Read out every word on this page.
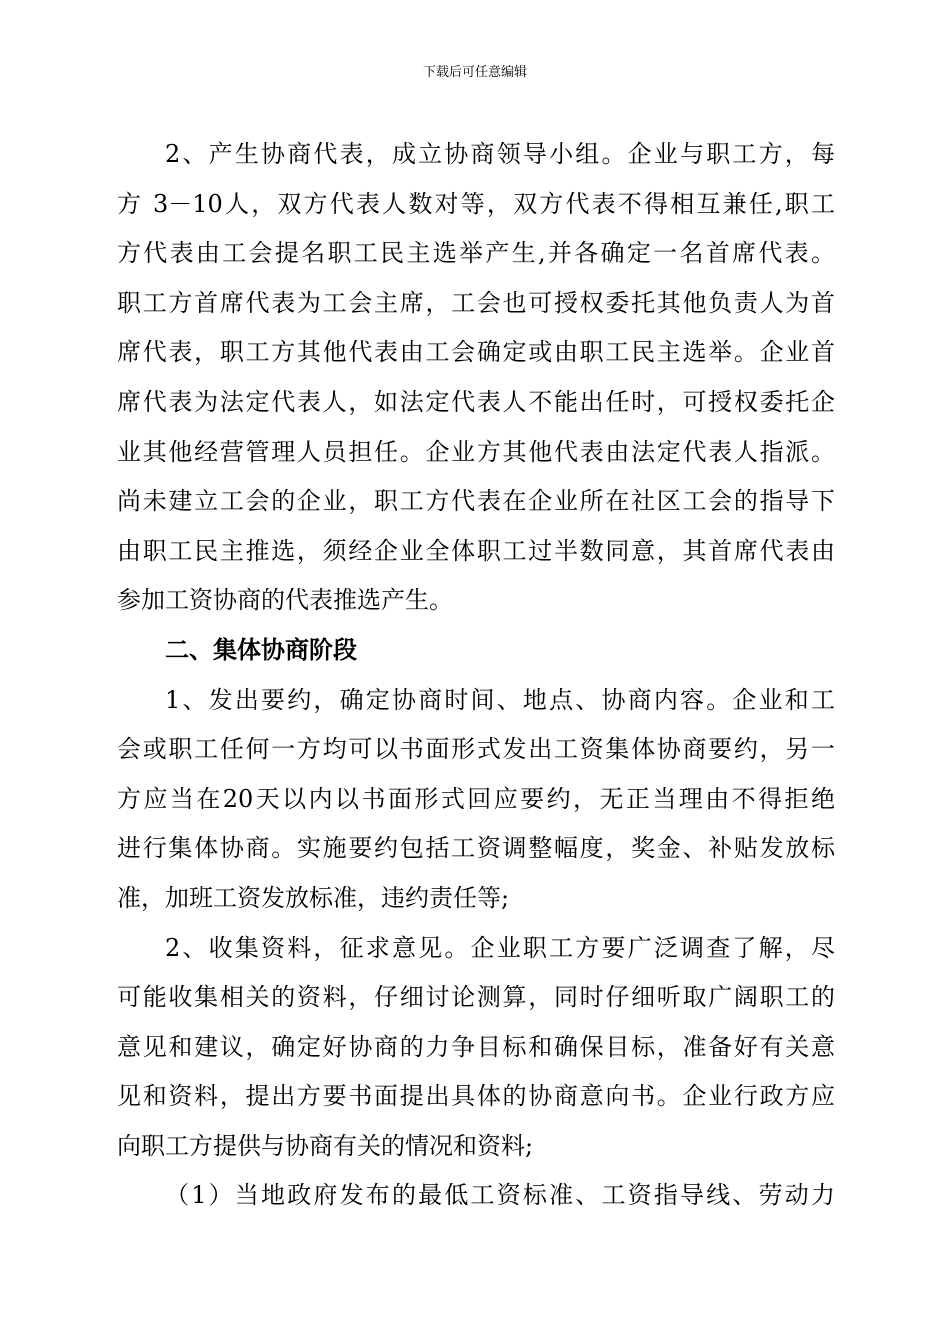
下载后可任意编辑
2、产生协商代表，成立协商领导小组。企业与职工方，每
方 3－10人，双方代表人数对等，双方代表不得相互兼任,职工
方代表由工会提名职工民主选举产生,并各确定一名首席代表。
职工方首席代表为工会主席，工会也可授权委托其他负责人为首
席代表，职工方其他代表由工会确定或由职工民主选举。企业首
席代表为法定代表人，如法定代表人不能出任时，可授权委托企
业其他经营管理人员担任。企业方其他代表由法定代表人指派。
尚未建立工会的企业，职工方代表在企业所在社区工会的指导下
由职工民主推选，须经企业全体职工过半数同意，其首席代表由
参加工资协商的代表推选产生。
二、集体协商阶段
1、发出要约，确定协商时间、地点、协商内容。企业和工
会或职工任何一方均可以书面形式发出工资集体协商要约，另一
方应当在20天以内以书面形式回应要约，无正当理由不得拒绝
进行集体协商。实施要约包括工资调整幅度，奖金、补贴发放标
准，加班工资发放标准，违约责任等;
2、收集资料，征求意见。企业职工方要广泛调查了解，尽
可能收集相关的资料，仔细讨论测算，同时仔细听取广阔职工的
意见和建议，确定好协商的力争目标和确保目标，准备好有关意
见和资料，提出方要书面提出具体的协商意向书。企业行政方应
向职工方提供与协商有关的情况和资料;
（1）当地政府发布的最低工资标准、工资指导线、劳动力
